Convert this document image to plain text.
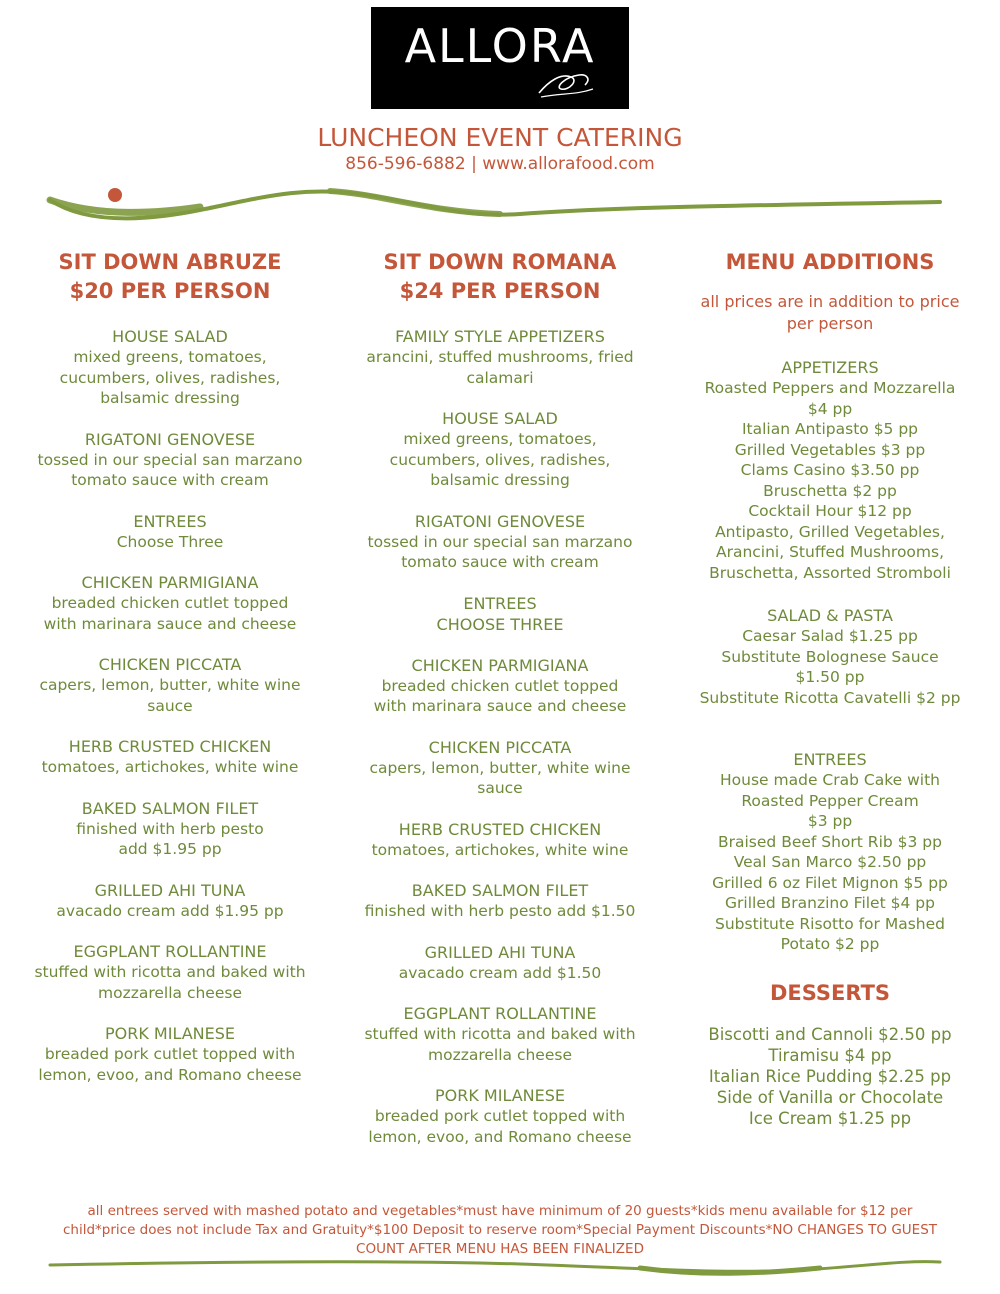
ALLORA
LUNCHEON EVENT CATERING
856-596-6882 | www.allorafood.com
SIT DOWN ABRUZE
$20 PER PERSON
HOUSE SALAD
mixed greens, tomatoes,
cucumbers, olives, radishes,
balsamic dressing
RIGATONI GENOVESE
tossed in our special san marzano
tomato sauce with cream
ENTREES
Choose Three
CHICKEN PARMIGIANA
breaded chicken cutlet topped
with marinara sauce and cheese
CHICKEN PICCATA
capers, lemon, butter, white wine
sauce
HERB CRUSTED CHICKEN
tomatoes, artichokes, white wine
BAKED SALMON FILET
finished with herb pesto
add $1.95 pp
GRILLED AHI TUNA
avacado cream add $1.95 pp
EGGPLANT ROLLANTINE
stuffed with ricotta and baked with
mozzarella cheese
PORK MILANESE
breaded pork cutlet topped with
lemon, evoo, and Romano cheese
SIT DOWN ROMANA
$24 PER PERSON
FAMILY STYLE APPETIZERS
arancini, stuffed mushrooms, fried
calamari
HOUSE SALAD
mixed greens, tomatoes,
cucumbers, olives, radishes,
balsamic dressing
RIGATONI GENOVESE
tossed in our special san marzano
tomato sauce with cream
ENTREES
CHOOSE THREE
CHICKEN PARMIGIANA
breaded chicken cutlet topped
with marinara sauce and cheese
CHICKEN PICCATA
capers, lemon, butter, white wine
sauce
HERB CRUSTED CHICKEN
tomatoes, artichokes, white wine
BAKED SALMON FILET
finished with herb pesto add $1.50
GRILLED AHI TUNA
avacado cream add $1.50
EGGPLANT ROLLANTINE
stuffed with ricotta and baked with
mozzarella cheese
PORK MILANESE
breaded pork cutlet topped with
lemon, evoo, and Romano cheese
MENU ADDITIONS
all prices are in addition to price
per person
APPETIZERS
Roasted Peppers and Mozzarella
$4 pp
Italian Antipasto $5 pp
Grilled Vegetables $3 pp
Clams Casino $3.50 pp
Bruschetta $2 pp
Cocktail Hour $12 pp
Antipasto, Grilled Vegetables,
Arancini, Stuffed Mushrooms,
Bruschetta, Assorted Stromboli
SALAD & PASTA
Caesar Salad $1.25 pp
Substitute Bolognese Sauce
$1.50 pp
Substitute Ricotta Cavatelli $2 pp
ENTREES
House made Crab Cake with
Roasted Pepper Cream
$3 pp
Braised Beef Short Rib $3 pp
Veal San Marco $2.50 pp
Grilled 6 oz Filet Mignon $5 pp
Grilled Branzino Filet $4 pp
Substitute Risotto for Mashed
Potato $2 pp
DESSERTS
Biscotti and Cannoli $2.50 pp
Tiramisu $4 pp
Italian Rice Pudding $2.25 pp
Side of Vanilla or Chocolate
Ice Cream $1.25 pp
all entrees served with mashed potato and vegetables*must have minimum of 20 guests*kids menu available for $12 per
child*price does not include Tax and Gratuity*$100 Deposit to reserve room*Special Payment Discounts*NO CHANGES TO GUEST
COUNT AFTER MENU HAS BEEN FINALIZED
